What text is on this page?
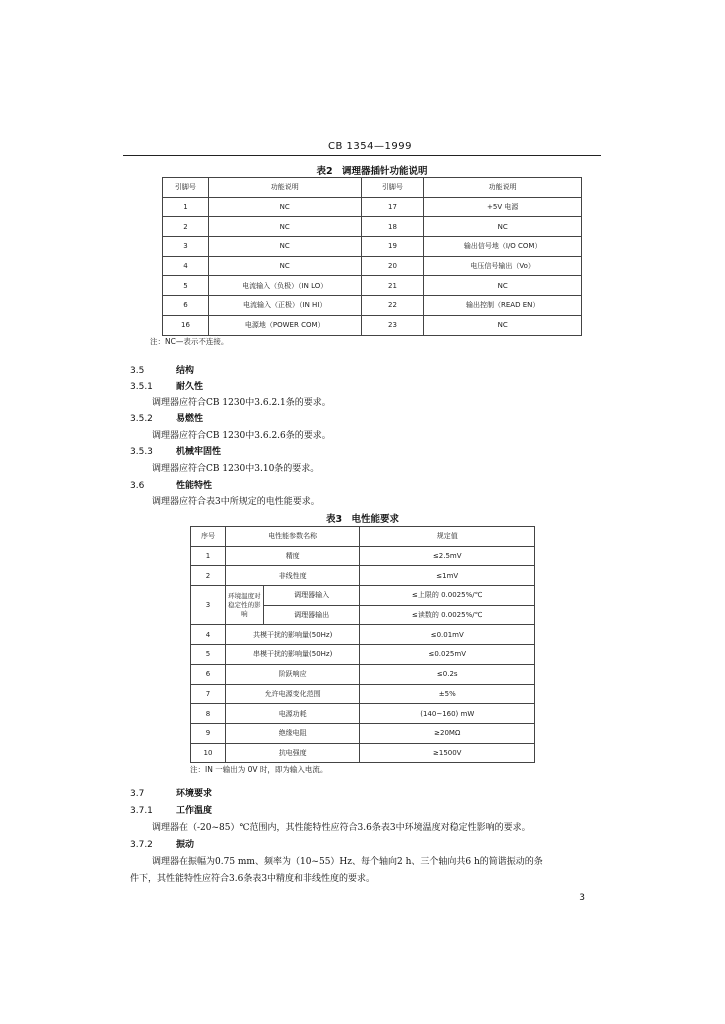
CB 1354—1999
表2　调理器插针功能说明
引脚号	功能说明	引脚号	功能说明
1	NC	17	+5V 电源
2	NC	18	NC
3	NC	19	输出信号地（I/O COM）
4	NC	20	电压信号输出（Vo）
5	电流输入（负极）（IN LO）	21	NC
6	电流输入（正极）（IN HI）	22	输出控制（READ EN）
16	电源地（POWER COM）	23	NC
注：NC—表示不连接。
3.5	结构
3.5.1	耐久性
调理器应符合CB 1230中3.6.2.1条的要求。
3.5.2	易燃性
调理器应符合CB 1230中3.6.2.6条的要求。
3.5.3	机械牢固性
调理器应符合CB 1230中3.10条的要求。
3.6	性能特性
调理器应符合表3中所规定的电性能要求。
表3　电性能要求
序号	电性能参数名称		规定值
1	精度		≤2.5mV
2	非线性度		≤1mV
3	环境温度对稳定性的影响	调理器输入	≤上限的 0.0025%/℃
		调理器输出	≤读数的 0.0025%/℃
4	共模干扰的影响量(50Hz)		≤0.01mV
5	串模干扰的影响量(50Hz)		≤0.025mV
6	阶跃响应		≤0.2s
7	允许电源变化范围		±5%
8	电源功耗		(140~160) mW
9	绝缘电阻		≥20MΩ
10	抗电强度		≥1500V
注：IN 一输出为 0V 时，即为输入电流。
3.7	环境要求
3.7.1	工作温度
调理器在（-20~85）℃范围内，其性能特性应符合3.6条表3中环境温度对稳定性影响的要求。
3.7.2	振动
调理器在振幅为0.75 mm、频率为（10~55）Hz、每个轴向2 h、三个轴向共6 h的简谐振动的条
件下，其性能特性应符合3.6条表3中精度和非线性度的要求。
3
